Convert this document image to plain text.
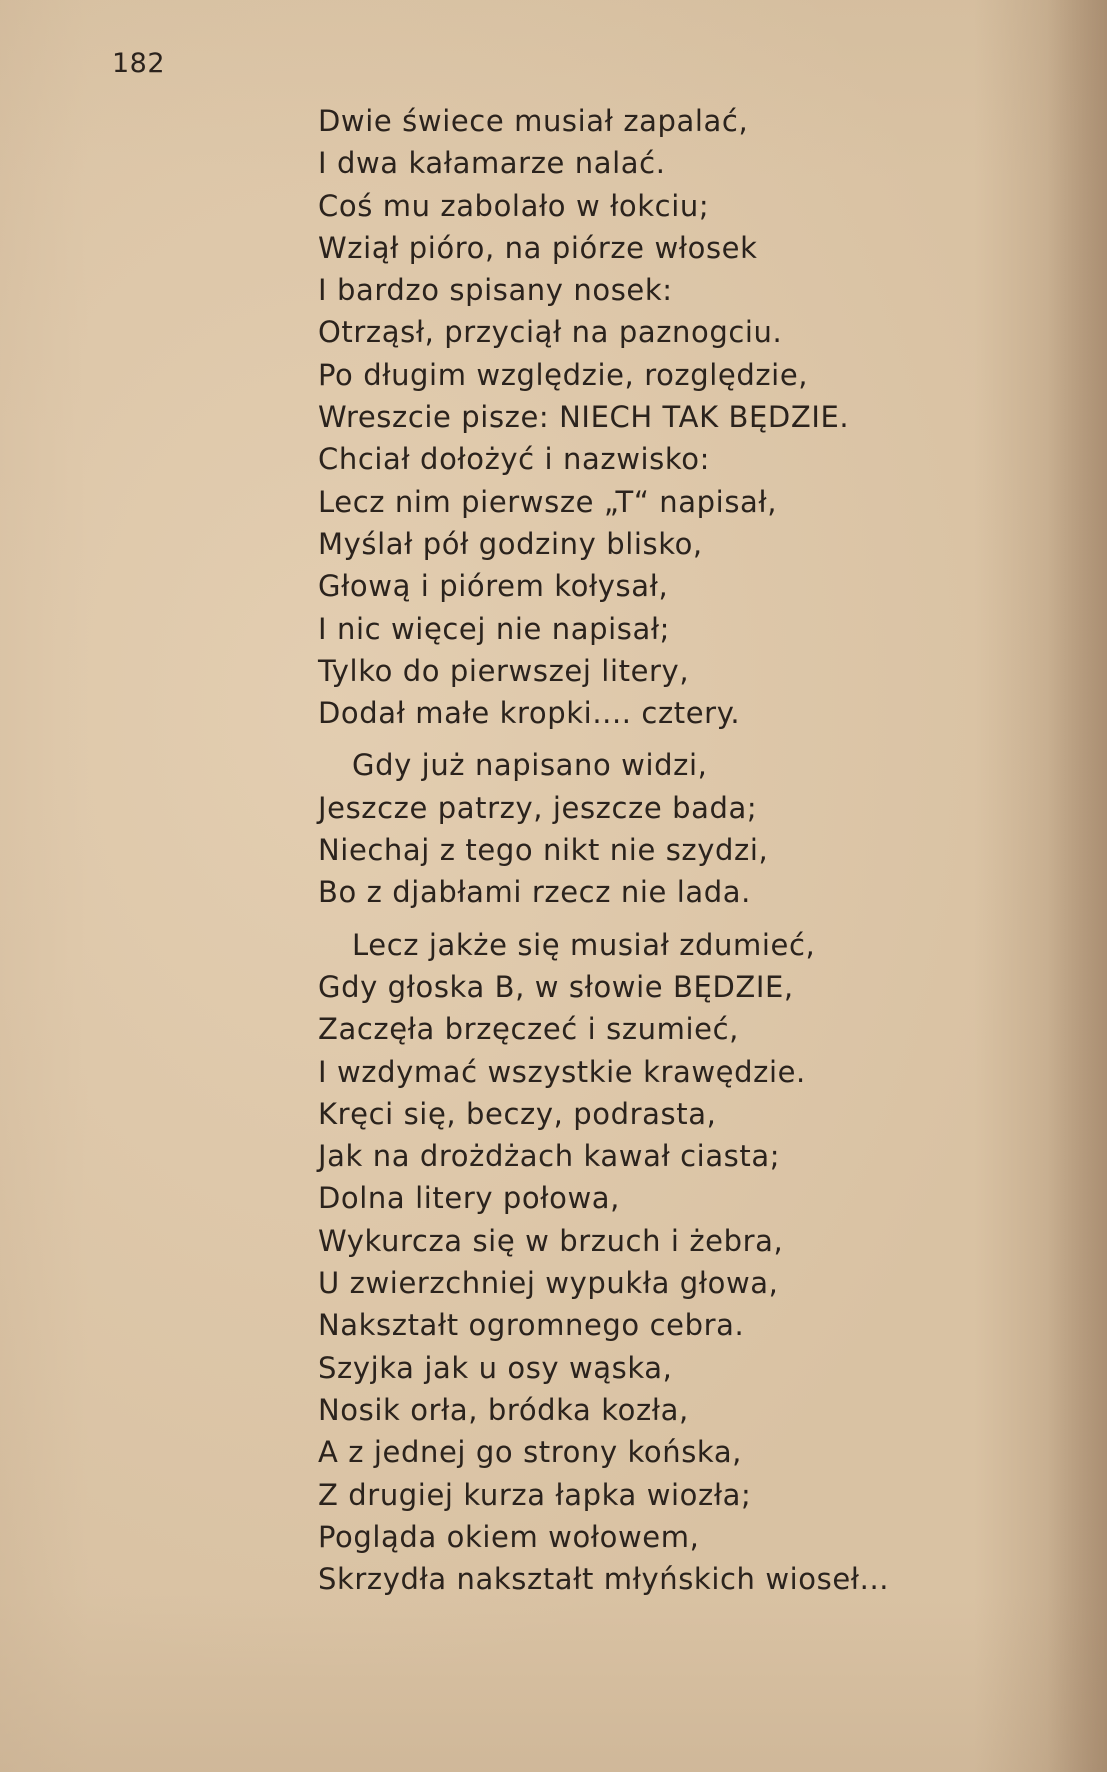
182
Dwie świece musiał zapalać,
I dwa kałamarze nalać.
Coś mu zabolało w łokciu;
Wziął pióro, na piórze włosek
I bardzo spisany nosek:
Otrząsł, przyciął na paznogciu.
Po długim względzie, rozględzie,
Wreszcie pisze: NIECH TAK BĘDZIE.
Chciał dołożyć i nazwisko:
Lecz nim pierwsze „T“ napisał,
Myślał pół godziny blisko,
Głową i piórem kołysał,
I nic więcej nie napisał;
Tylko do pierwszej litery,
Dodał małe kropki.... cztery.
Gdy już napisano widzi,
Jeszcze patrzy, jeszcze bada;
Niechaj z tego nikt nie szydzi,
Bo z djabłami rzecz nie lada.
Lecz jakże się musiał zdumieć,
Gdy głoska B, w słowie BĘDZIE,
Zaczęła brzęczeć i szumieć,
I wzdymać wszystkie krawędzie.
Kręci się, beczy, podrasta,
Jak na drożdżach kawał ciasta;
Dolna litery połowa,
Wykurcza się w brzuch i żebra,
U zwierzchniej wypukła głowa,
Nakształt ogromnego cebra.
Szyjka jak u osy wąska,
Nosik orła, bródka kozła,
A z jednej go strony końska,
Z drugiej kurza łapka wiozła;
Pogląda okiem wołowem,
Skrzydła nakształt młyńskich wioseł...
